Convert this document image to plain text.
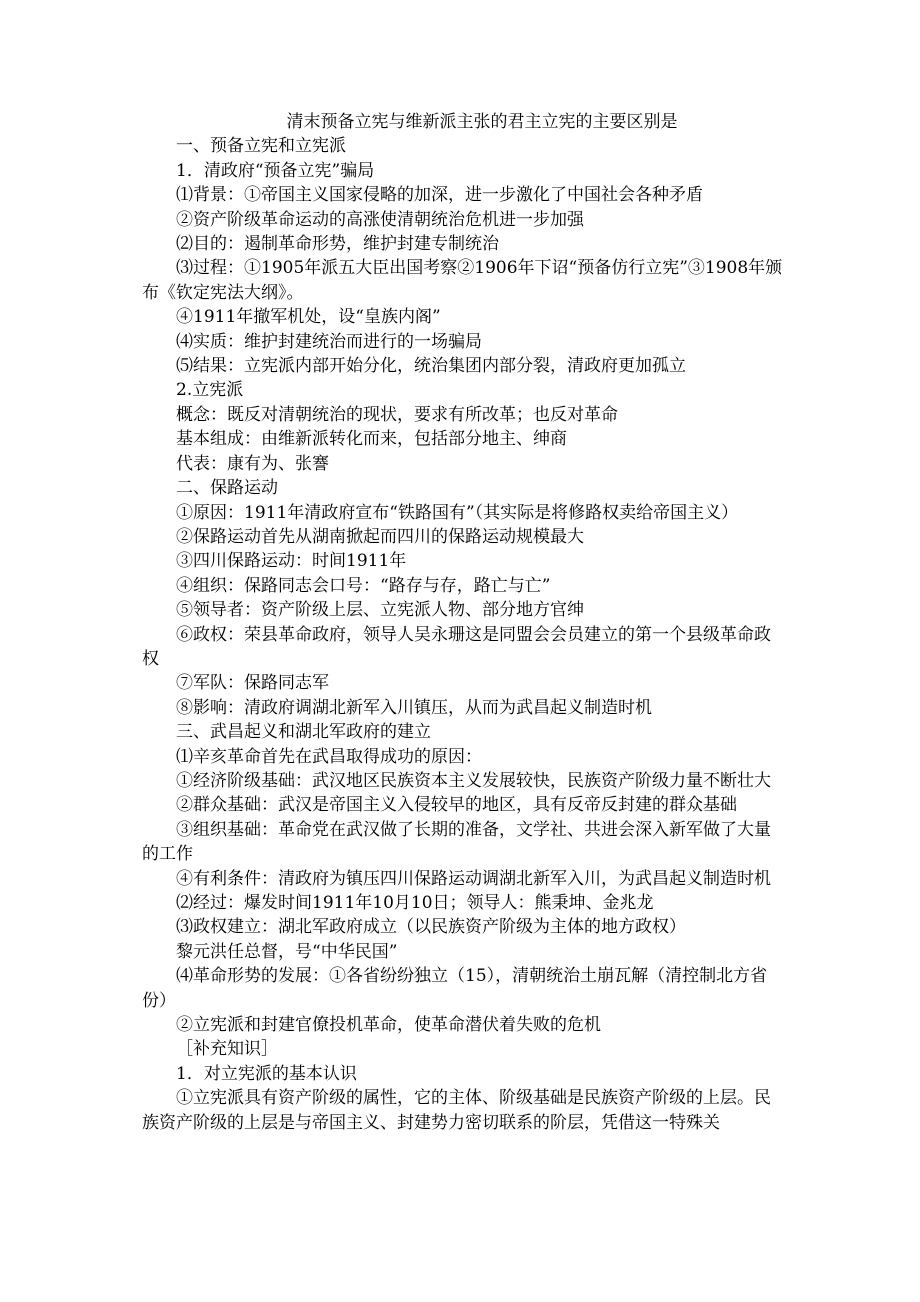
清末预备立宪与维新派主张的君主立宪的主要区别是

一、预备立宪和立宪派

1．清政府“预备立宪”骗局

⑴背景：①帝国主义国家侵略的加深，进一步激化了中国社会各种矛盾

②资产阶级革命运动的高涨使清朝统治危机进一步加强

⑵目的：遏制革命形势，维护封建专制统治

⑶过程：①1905年派五大臣出国考察②1906年下诏“预备仿行立宪”③1908年颁布《钦定宪法大纲》。

④1911年撤军机处，设“皇族内阁”

⑷实质：维护封建统治而进行的一场骗局

⑸结果：立宪派内部开始分化，统治集团内部分裂，清政府更加孤立

2.立宪派

概念：既反对清朝统治的现状，要求有所改革；也反对革命

基本组成：由维新派转化而来，包括部分地主、绅商

代表：康有为、张謇

二、保路运动

①原因：1911年清政府宣布“铁路国有”（其实际是将修路权卖给帝国主义）

②保路运动首先从湖南掀起而四川的保路运动规模最大

③四川保路运动：时间1911年

④组织：保路同志会口号：“路存与存，路亡与亡”

⑤领导者：资产阶级上层、立宪派人物、部分地方官绅

⑥政权：荣县革命政府，领导人吴永珊这是同盟会会员建立的第一个县级革命政权

⑦军队：保路同志军

⑧影响：清政府调湖北新军入川镇压，从而为武昌起义制造时机

三、武昌起义和湖北军政府的建立

⑴辛亥革命首先在武昌取得成功的原因：

①经济阶级基础：武汉地区民族资本主义发展较快，民族资产阶级力量不断壮大

②群众基础：武汉是帝国主义入侵较早的地区，具有反帝反封建的群众基础

③组织基础：革命党在武汉做了长期的准备，文学社、共进会深入新军做了大量的工作

④有利条件：清政府为镇压四川保路运动调湖北新军入川，为武昌起义制造时机

⑵经过：爆发时间1911年10月10日；领导人：熊秉坤、金兆龙

⑶政权建立：湖北军政府成立（以民族资产阶级为主体的地方政权）

黎元洪任总督，号“中华民国”

⑷革命形势的发展：①各省纷纷独立（15），清朝统治土崩瓦解（清控制北方省份）

②立宪派和封建官僚投机革命，使革命潜伏着失败的危机

［补充知识］

1．对立宪派的基本认识

①立宪派具有资产阶级的属性，它的主体、阶级基础是民族资产阶级的上层。民族资产阶级的上层是与帝国主义、封建势力密切联系的阶层，凭借这一特殊关
